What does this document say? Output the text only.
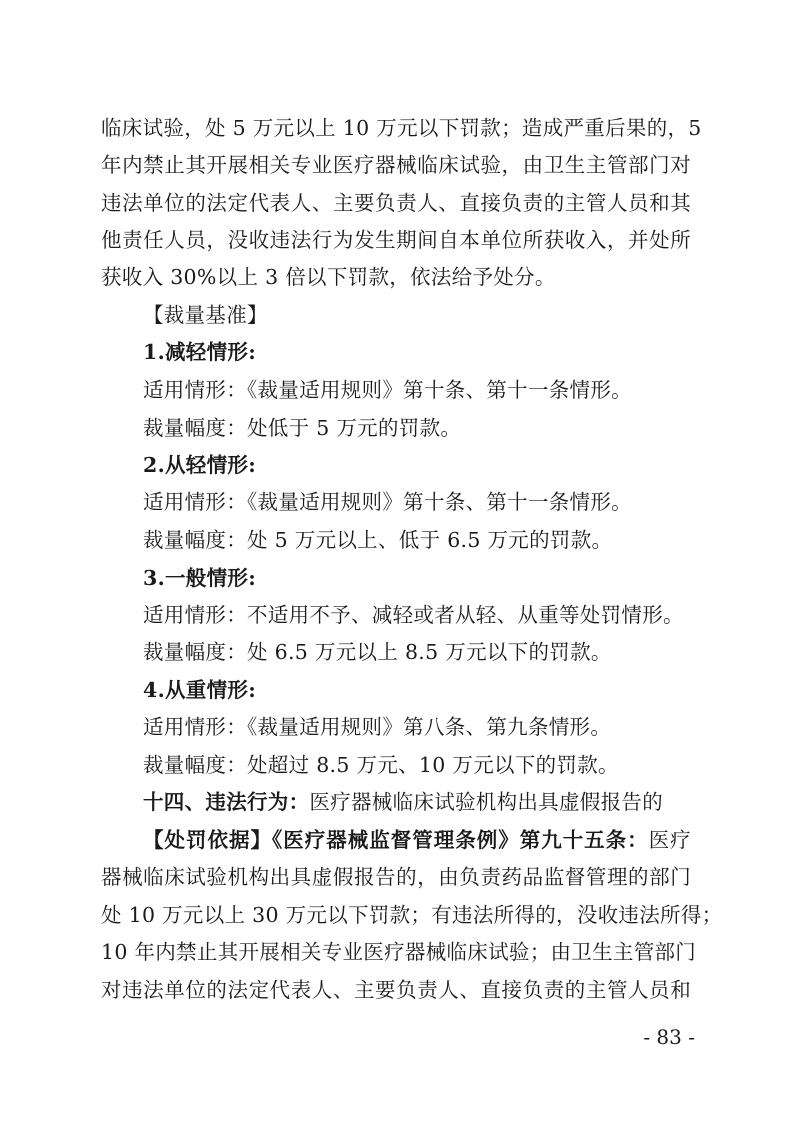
临床试验，处 5 万元以上 10 万元以下罚款；造成严重后果的，5
年内禁止其开展相关专业医疗器械临床试验，由卫生主管部门对
违法单位的法定代表人、主要负责人、直接负责的主管人员和其
他责任人员，没收违法行为发生期间自本单位所获收入，并处所
获收入 30%以上 3 倍以下罚款，依法给予处分。
【裁量基准】
1.减轻情形:
适用情形：《裁量适用规则》第十条、第十一条情形。
裁量幅度：处低于 5 万元的罚款。
2.从轻情形:
适用情形：《裁量适用规则》第十条、第十一条情形。
裁量幅度：处 5 万元以上、低于 6.5 万元的罚款。
3.一般情形:
适用情形：不适用不予、减轻或者从轻、从重等处罚情形。
裁量幅度：处 6.5 万元以上 8.5 万元以下的罚款。
4.从重情形:
适用情形：《裁量适用规则》第八条、第九条情形。
裁量幅度：处超过 8.5 万元、10 万元以下的罚款。
十四、违法行为：医疗器械临床试验机构出具虚假报告的
【处罚依据】《医疗器械监督管理条例》第九十五条：医疗
器械临床试验机构出具虚假报告的，由负责药品监督管理的部门
处 10 万元以上 30 万元以下罚款；有违法所得的，没收违法所得；
10 年内禁止其开展相关专业医疗器械临床试验；由卫生主管部门
对违法单位的法定代表人、主要负责人、直接负责的主管人员和
- 83 -
